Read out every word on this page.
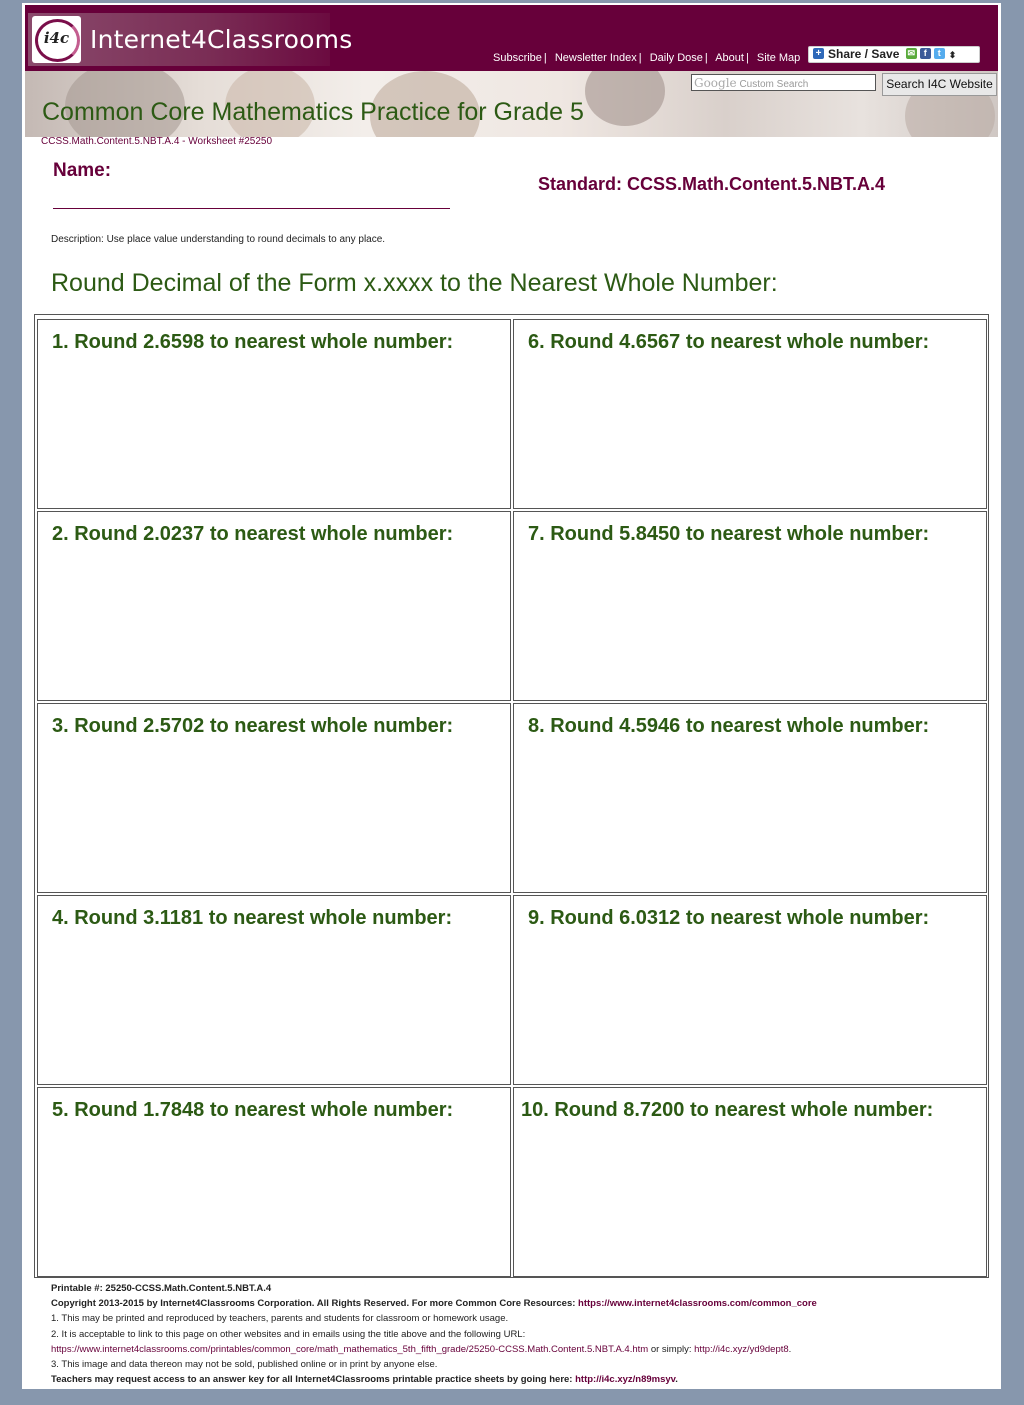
i4c Internet4Classrooms
Subscribe | Newsletter Index | Daily Dose | About | Site Map	+ Share / Save ✉ f t ⬍
Common Core Mathematics Practice for Grade 5
Google Custom Search	Search I4C Website
CCSS.Math.Content.5.NBT.A.4 - Worksheet #25250
Name:
Standard: CCSS.Math.Content.5.NBT.A.4
Description: Use place value understanding to round decimals to any place.
Round Decimal of the Form x.xxxx to the Nearest Whole Number:
1. Round 2.6598 to nearest whole number:
2. Round 2.0237 to nearest whole number:
3. Round 2.5702 to nearest whole number:
4. Round 3.1181 to nearest whole number:
5. Round 1.7848 to nearest whole number:
6. Round 4.6567 to nearest whole number:
7. Round 5.8450 to nearest whole number:
8. Round 4.5946 to nearest whole number:
9. Round 6.0312 to nearest whole number:
10. Round 8.7200 to nearest whole number:
Printable #: 25250-CCSS.Math.Content.5.NBT.A.4
Copyright 2013-2015 by Internet4Classrooms Corporation. All Rights Reserved. For more Common Core Resources: https://www.internet4classrooms.com/common_core
1. This may be printed and reproduced by teachers, parents and students for classroom or homework usage.
2. It is acceptable to link to this page on other websites and in emails using the title above and the following URL:
https://www.internet4classrooms.com/printables/common_core/math_mathematics_5th_fifth_grade/25250-CCSS.Math.Content.5.NBT.A.4.htm or simply: http://i4c.xyz/yd9dept8.
3. This image and data thereon may not be sold, published online or in print by anyone else.
Teachers may request access to an answer key for all Internet4Classrooms printable practice sheets by going here: http://i4c.xyz/n89msyv.
